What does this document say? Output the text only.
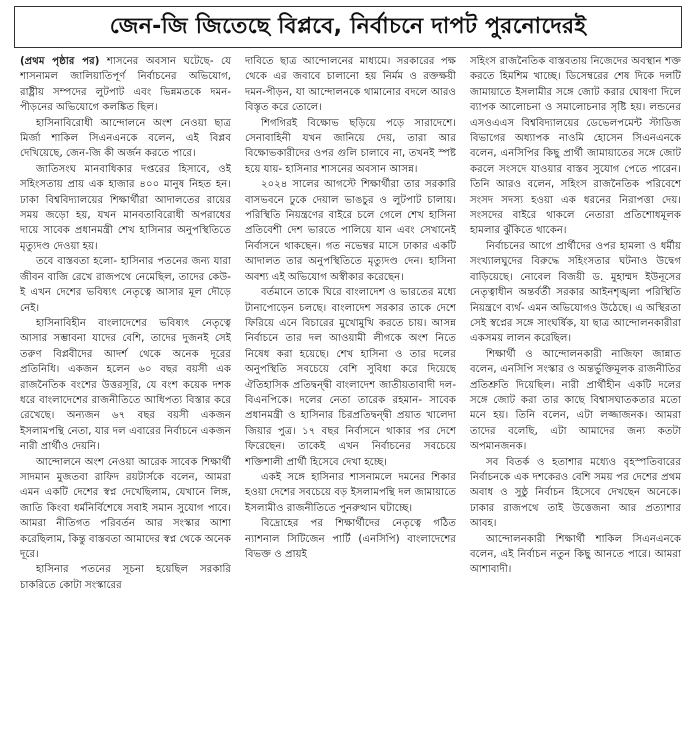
জেন-জি জিতেছে বিপ্লবে, নির্বাচনে দাপট পুরনোদেরই

(প্রথম পৃষ্ঠার পর) শাসনের অবসান ঘটেছে- যে শাসনামল জালিয়াতিপূর্ণ নির্বাচনের অভিযোগ, রাষ্ট্রীয় সম্পদের লুটপাট এবং ভিন্নমতকে দমন-পীড়নের অভিযোগে কলঙ্কিত ছিল।

হাসিনাবিরোধী আন্দোলনে অংশ নেওয়া ছাত্র মির্জা শাকিল সিএনএনকে বলেন, এই বিপ্লব দেখিয়েছে, জেন-জি কী অর্জন করতে পারে।

জাতিসংঘ মানবাধিকার দপ্তরের হিসাবে, ওই সহিংসতায় প্রায় এক হাজার ৪০০ মানুষ নিহত হন। ঢাকা বিশ্ববিদ্যালয়ের শিক্ষার্থীরা আদালতের রায়ের সময় জড়ো হয়, যখন মানবতাবিরোধী অপরাধের দায়ে সাবেক প্রধানমন্ত্রী শেখ হাসিনার অনুপস্থিতিতে মৃত্যুদণ্ড দেওয়া হয়।

তবে বাস্তবতা হলো- হাসিনার পতনের জন্য যারা জীবন বাজি রেখে রাজপথে নেমেছিল, তাদের কেউ-ই এখন দেশের ভবিষ্যৎ নেতৃত্বে আসার মূল দৌড়ে নেই।

হাসিনাবিহীন বাংলাদেশের ভবিষ্যৎ নেতৃত্বে আসার সম্ভাবনা যাদের বেশি, তাদের দুজনই সেই তরুণ বিপ্লবীদের আদর্শ থেকে অনেক দূরের প্রতিনিধি। একজন হলেন ৬০ বছর বয়সী এক রাজনৈতিক বংশের উত্তরসূরি, যে বংশ কয়েক দশক ধরে বাংলাদেশের রাজনীতিতে আধিপত্য বিস্তার করে রেখেছে। অন্যজন ৬৭ বছর বয়সী একজন ইসলামপন্থি নেতা, যার দল এবারের নির্বাচনে একজন নারী প্রার্থীও দেয়নি।

আন্দোলনে অংশ নেওয়া আরেক সাবেক শিক্ষার্থী সাদমান মুজতবা রাফিদ রয়টার্সকে বলেন, আমরা এমন একটি দেশের স্বপ্ন দেখেছিলাম, যেখানে লিঙ্গ, জাতি কিংবা ধর্মনির্বিশেষে সবাই সমান সুযোগ পাবে। আমরা নীতিগত পরিবর্তন আর সংস্কার আশা করেছিলাম, কিন্তু বাস্তবতা আমাদের স্বপ্ন থেকে অনেক দূরে।

হাসিনার পতনের সূচনা হয়েছিল সরকারি চাকরিতে কোটা সংস্কারের

দাবিতে ছাত্র আন্দোলনের মাধ্যমে। সরকারের পক্ষ থেকে এর জবাবে চালানো হয় নির্মম ও রক্তক্ষয়ী দমন-পীড়ন, যা আন্দোলনকে থামানোর বদলে আরও বিস্তৃত করে তোলে।

শিগগিরই বিক্ষোভ ছড়িয়ে পড়ে সারাদেশে। সেনাবাহিনী যখন জানিয়ে দেয়, তারা আর বিক্ষোভকারীদের ওপর গুলি চালাবে না, তখনই স্পষ্ট হয়ে যায়- হাসিনার শাসনের অবসান আসন্ন।

২০২৪ সালের আগস্টে শিক্ষার্থীরা তার সরকারি বাসভবনে ঢুকে দেয়াল ভাঙচুর ও লুটপাট চালায়। পরিস্থিতি নিয়ন্ত্রণের বাইরে চলে গেলে শেখ হাসিনা প্রতিবেশী দেশ ভারতে পালিয়ে যান এবং সেখানেই নির্বাসনে থাকছেন। গত নভেম্বর মাসে ঢাকার একটি আদালত তার অনুপস্থিতিতে মৃত্যুদণ্ড দেন। হাসিনা অবশ্য এই অভিযোগ অস্বীকার করেছেন।

বর্তমানে তাকে ঘিরে বাংলাদেশ ও ভারতের মধ্যে টানাপোড়েন চলছে। বাংলাদেশ সরকার তাকে দেশে ফিরিয়ে এনে বিচারের মুখোমুখি করতে চায়। আসন্ন নির্বাচনে তার দল আওয়ামী লীগকে অংশ নিতে নিষেধ করা হয়েছে। শেখ হাসিনা ও তার দলের অনুপস্থিতি সবচেয়ে বেশি সুবিধা করে দিয়েছে ঐতিহাসিক প্রতিদ্বন্দ্বী বাংলাদেশ জাতীয়তাবাদী দল-বিএনপিকে। দলের নেতা তারেক রহমান- সাবেক প্রধানমন্ত্রী ও হাসিনার চিরপ্রতিদ্বন্দ্বী প্রয়াত খালেদা জিয়ার পুত্র। ১৭ বছর নির্বাসনে থাকার পর দেশে ফিরেছেন। তাকেই এখন নির্বাচনের সবচেয়ে শক্তিশালী প্রার্থী হিসেবে দেখা হচ্ছে।

একই সঙ্গে হাসিনার শাসনামলে দমনের শিকার হওয়া দেশের সবচেয়ে বড় ইসলামপন্থি দল জামায়াতে ইসলামীও রাজনীতিতে পুনরুত্থান ঘটাচ্ছে।

বিদ্রোহের পর শিক্ষার্থীদের নেতৃত্বে গঠিত ন্যাশনাল সিটিজেন পার্টি (এনসিপি) বাংলাদেশের বিভক্ত ও প্রায়ই

সহিংস রাজনৈতিক বাস্তবতায় নিজেদের অবস্থান শক্ত করতে হিমশিম খাচ্ছে। ডিসেম্বরের শেষ দিকে দলটি জামায়াতে ইসলামীর সঙ্গে জোট করার ঘোষণা দিলে ব্যাপক আলোচনা ও সমালোচনার সৃষ্টি হয়। লন্ডনের এসওএএস বিশ্ববিদ্যালয়ের ডেভেলপমেন্ট স্টাডিজ বিভাগের অধ্যাপক নাওমি হোসেন সিএনএনকে বলেন, এনসিপির কিছু প্রার্থী জামায়াতের সঙ্গে জোট করলে সংসদে যাওয়ার বাস্তব সুযোগ পেতে পারেন। তিনি আরও বলেন, সহিংস রাজনৈতিক পরিবেশে সংসদ সদস্য হওয়া এক ধরনের নিরাপত্তা দেয়। সংসদের বাইরে থাকলে নেতারা প্রতিশোধমূলক হামলার ঝুঁকিতে থাকেন।

নির্বাচনের আগে প্রার্থীদের ওপর হামলা ও ধর্মীয় সংখ্যালঘুদের বিরুদ্ধে সহিংসতার ঘটনাও উদ্বেগ বাড়িয়েছে। নোবেল বিজয়ী ড. মুহাম্মদ ইউনূসের নেতৃত্বাধীন অন্তর্বর্তী সরকার আইনশৃঙ্খলা পরিস্থিতি নিয়ন্ত্রণে ব্যর্থ- এমন অভিযোগও উঠেছে। এ অস্থিরতা সেই স্বপ্নের সঙ্গে সাংঘর্ষিক, যা ছাত্র আন্দোলনকারীরা একসময় লালন করেছিল।

শিক্ষার্থী ও আন্দোলনকারী নাজিফা জান্নাত বলেন, এনসিপি সংস্কার ও অন্তর্ভুক্তিমূলক রাজনীতির প্রতিশ্রুতি দিয়েছিল। নারী প্রার্থীহীন একটি দলের সঙ্গে জোট করা তার কাছে বিশ্বাসঘাতকতার মতো মনে হয়। তিনি বলেন, এটা লজ্জাজনক। আমরা তাদের বলেছি, এটা আমাদের জন্য কতটা অপমানজনক।

সব বিতর্ক ও হতাশার মধ্যেও বৃহস্পতিবারের নির্বাচনকে এক দশকেরও বেশি সময় পর দেশের প্রথম অবাধ ও সুষ্ঠু নির্বাচন হিসেবে দেখছেন অনেকে। ঢাকার রাজপথে তাই উত্তেজনা আর প্রত্যাশার আবহ।

আন্দোলনকারী শিক্ষার্থী শাকিল সিএনএনকে বলেন, এই নির্বাচন নতুন কিছু আনতে পারে। আমরা আশাবাদী।
